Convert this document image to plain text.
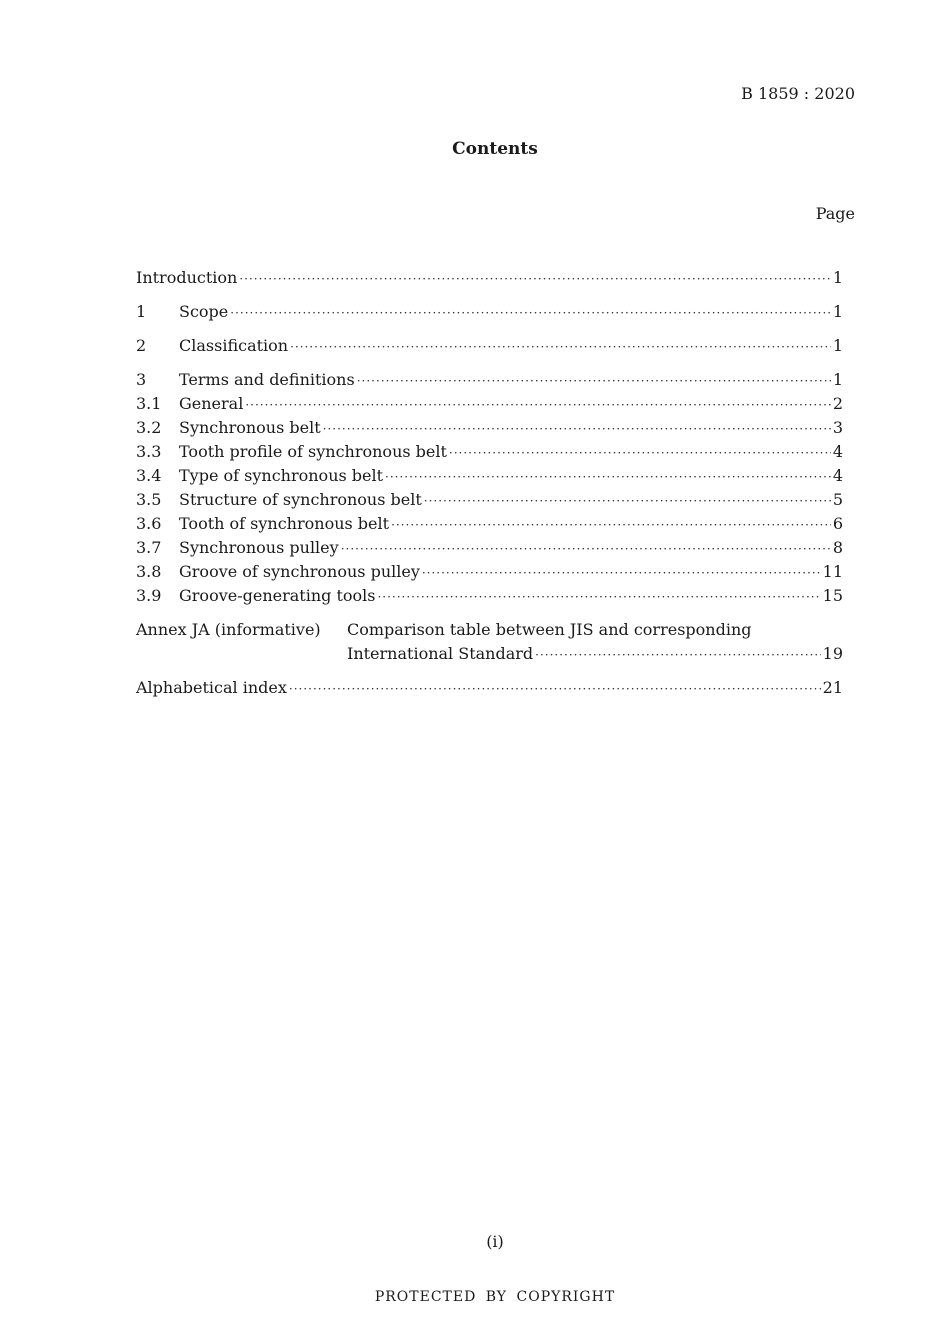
B 1859 : 2020
Contents
Page
Introduction ·····	1
1	Scope ·····	1
2	Classification ·····	1
3	Terms and definitions ·····	1
3.1	General ·····	2
3.2	Synchronous belt ·····	3
3.3	Tooth profile of synchronous belt ·····	4
3.4	Type of synchronous belt ·····	4
3.5	Structure of synchronous belt ·····	5
3.6	Tooth of synchronous belt ·····	6
3.7	Synchronous pulley ·····	8
3.8	Groove of synchronous pulley ·····	11
3.9	Groove-generating tools ·····	15
Annex JA (informative)	Comparison table between JIS and corresponding
International Standard ·····	19
Alphabetical index ·····	21
(i)
PROTECTED BY COPYRIGHT
